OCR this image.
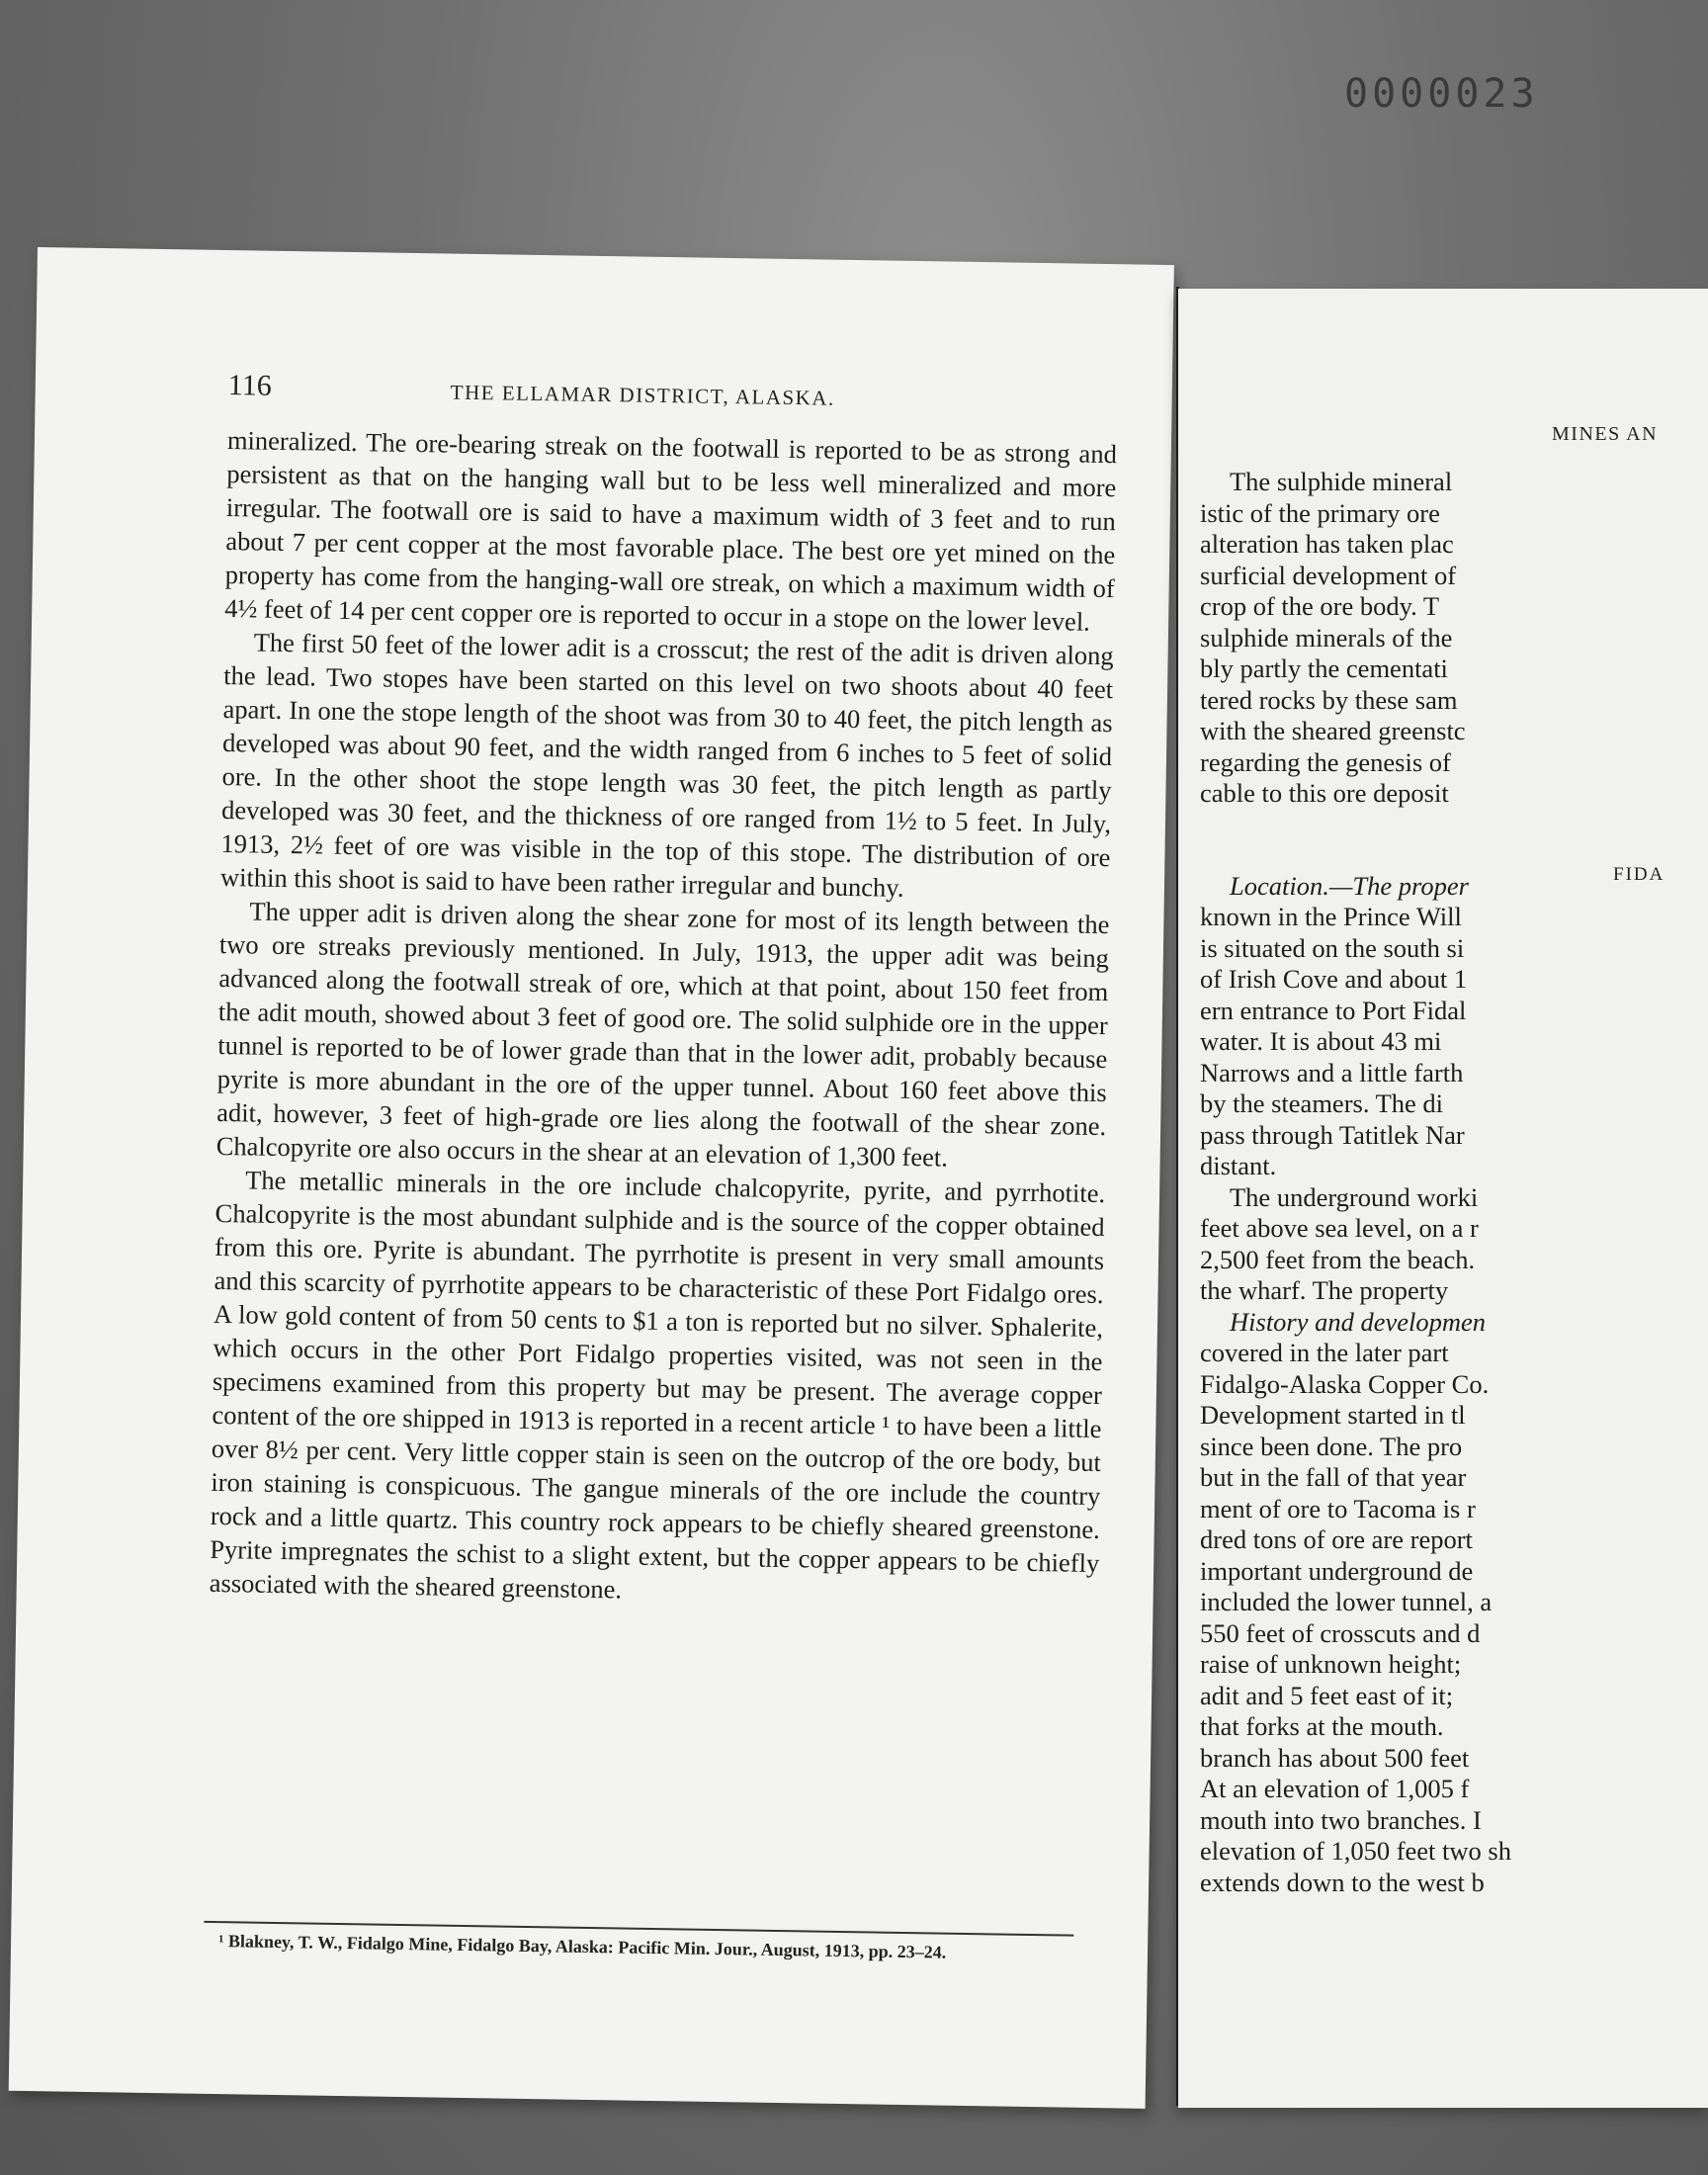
0000023
116	THE ELLAMAR DISTRICT, ALASKA.

mineralized. The ore-bearing streak on the footwall is reported to be as strong and persistent as that on the hanging wall but to be less well mineralized and more irregular. The footwall ore is said to have a maximum width of 3 feet and to run about 7 per cent copper at the most favorable place. The best ore yet mined on the property has come from the hanging-wall ore streak, on which a maximum width of 4½ feet of 14 per cent copper ore is reported to occur in a stope on the lower level.

The first 50 feet of the lower adit is a crosscut; the rest of the adit is driven along the lead. Two stopes have been started on this level on two shoots about 40 feet apart. In one the stope length of the shoot was from 30 to 40 feet, the pitch length as developed was about 90 feet, and the width ranged from 6 inches to 5 feet of solid ore. In the other shoot the stope length was 30 feet, the pitch length as partly developed was 30 feet, and the thickness of ore ranged from 1½ to 5 feet. In July, 1913, 2½ feet of ore was visible in the top of this stope. The distribution of ore within this shoot is said to have been rather irregular and bunchy.

The upper adit is driven along the shear zone for most of its length between the two ore streaks previously mentioned. In July, 1913, the upper adit was being advanced along the footwall streak of ore, which at that point, about 150 feet from the adit mouth, showed about 3 feet of good ore. The solid sulphide ore in the upper tunnel is reported to be of lower grade than that in the lower adit, probably because pyrite is more abundant in the ore of the upper tunnel. About 160 feet above this adit, however, 3 feet of high-grade ore lies along the footwall of the shear zone. Chalcopyrite ore also occurs in the shear at an elevation of 1,300 feet.

The metallic minerals in the ore include chalcopyrite, pyrite, and pyrrhotite. Chalcopyrite is the most abundant sulphide and is the source of the copper obtained from this ore. Pyrite is abundant. The pyrrhotite is present in very small amounts and this scarcity of pyrrhotite appears to be characteristic of these Port Fidalgo ores. A low gold content of from 50 cents to $1 a ton is reported but no silver. Sphalerite, which occurs in the other Port Fidalgo properties visited, was not seen in the specimens examined from this property but may be present. The average copper content of the ore shipped in 1913 is reported in a recent article ¹ to have been a little over 8½ per cent. Very little copper stain is seen on the outcrop of the ore body, but iron staining is conspicuous. The gangue minerals of the ore include the country rock and a little quartz. This country rock appears to be chiefly sheared greenstone. Pyrite impregnates the schist to a slight extent, but the copper appears to be chiefly associated with the sheared greenstone.

¹ Blakney, T. W., Fidalgo Mine, Fidalgo Bay, Alaska: Pacific Min. Jour., August, 1913, pp. 23–24.
MINES AN
FIDA
The sulphide mineral
istic of the primary ore
alteration has taken plac
surficial development of
crop of the ore body. T
sulphide minerals of the
bly partly the cementati
tered rocks by these sam
with the sheared greenstc
regarding the genesis of
cable to this ore deposit
Location.—The proper
known in the Prince Will
is situated on the south si
of Irish Cove and about 1
ern entrance to Port Fidal
water. It is about 43 mi
Narrows and a little farth
by the steamers. The di
pass through Tatitlek Nar
distant.
The underground worki
feet above sea level, on a r
2,500 feet from the beach.
the wharf. The property
History and developmen
covered in the later part
Fidalgo-Alaska Copper Co.
Development started in tl
since been done. The pro
but in the fall of that year
ment of ore to Tacoma is r
dred tons of ore are report
important underground de
included the lower tunnel, a
550 feet of crosscuts and d
raise of unknown height;
adit and 5 feet east of it;
that forks at the mouth.
branch has about 500 feet
At an elevation of 1,005 f
mouth into two branches. I
elevation of 1,050 feet two sh
extends down to the west b
